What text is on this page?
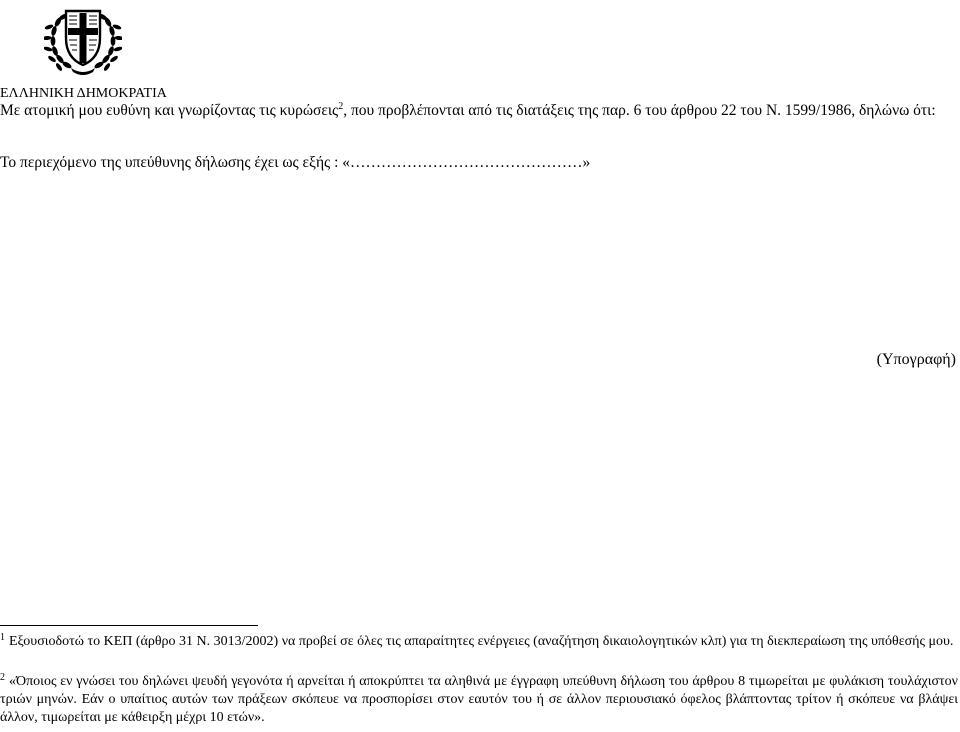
ΕΛΛΗΝΙΚΗ ΔΗΜΟΚΡΑΤΙΑ

Με ατομική μου ευθύνη και γνωρίζοντας τις κυρώσεις$^2$, που προβλέπονται από τις διατάξεις της παρ. 6 του άρθρου 22 του Ν. 1599/1986, δηλώνω ότι:

Το περιεχόμενο της υπεύθυνης δήλωσης έχει ως εξής : «………………………………………»
(Υπογραφή)

$^1$ Εξουσιοδοτώ το ΚΕΠ (άρθρο 31 Ν. 3013/2002) να προβεί σε όλες τις απαραίτητες ενέργειες (αναζήτηση δικαιολογητικών κλπ) για τη διεκπεραίωση της υπόθεσής μου.

$^2$ «Όποιος εν γνώσει του δηλώνει ψευδή γεγονότα ή αρνείται ή αποκρύπτει τα αληθινά με έγγραφη υπεύθυνη δήλωση του άρθρου 8 τιμωρείται με φυλάκιση τουλάχιστον τριών μηνών. Εάν ο υπαίτιος αυτών των πράξεων σκόπευε να προσπορίσει στον εαυτόν του ή σε άλλον περιουσιακό όφελος βλάπτοντας τρίτον ή σκόπευε να βλάψει άλλον, τιμωρείται με κάθειρξη μέχρι 10 ετών».
